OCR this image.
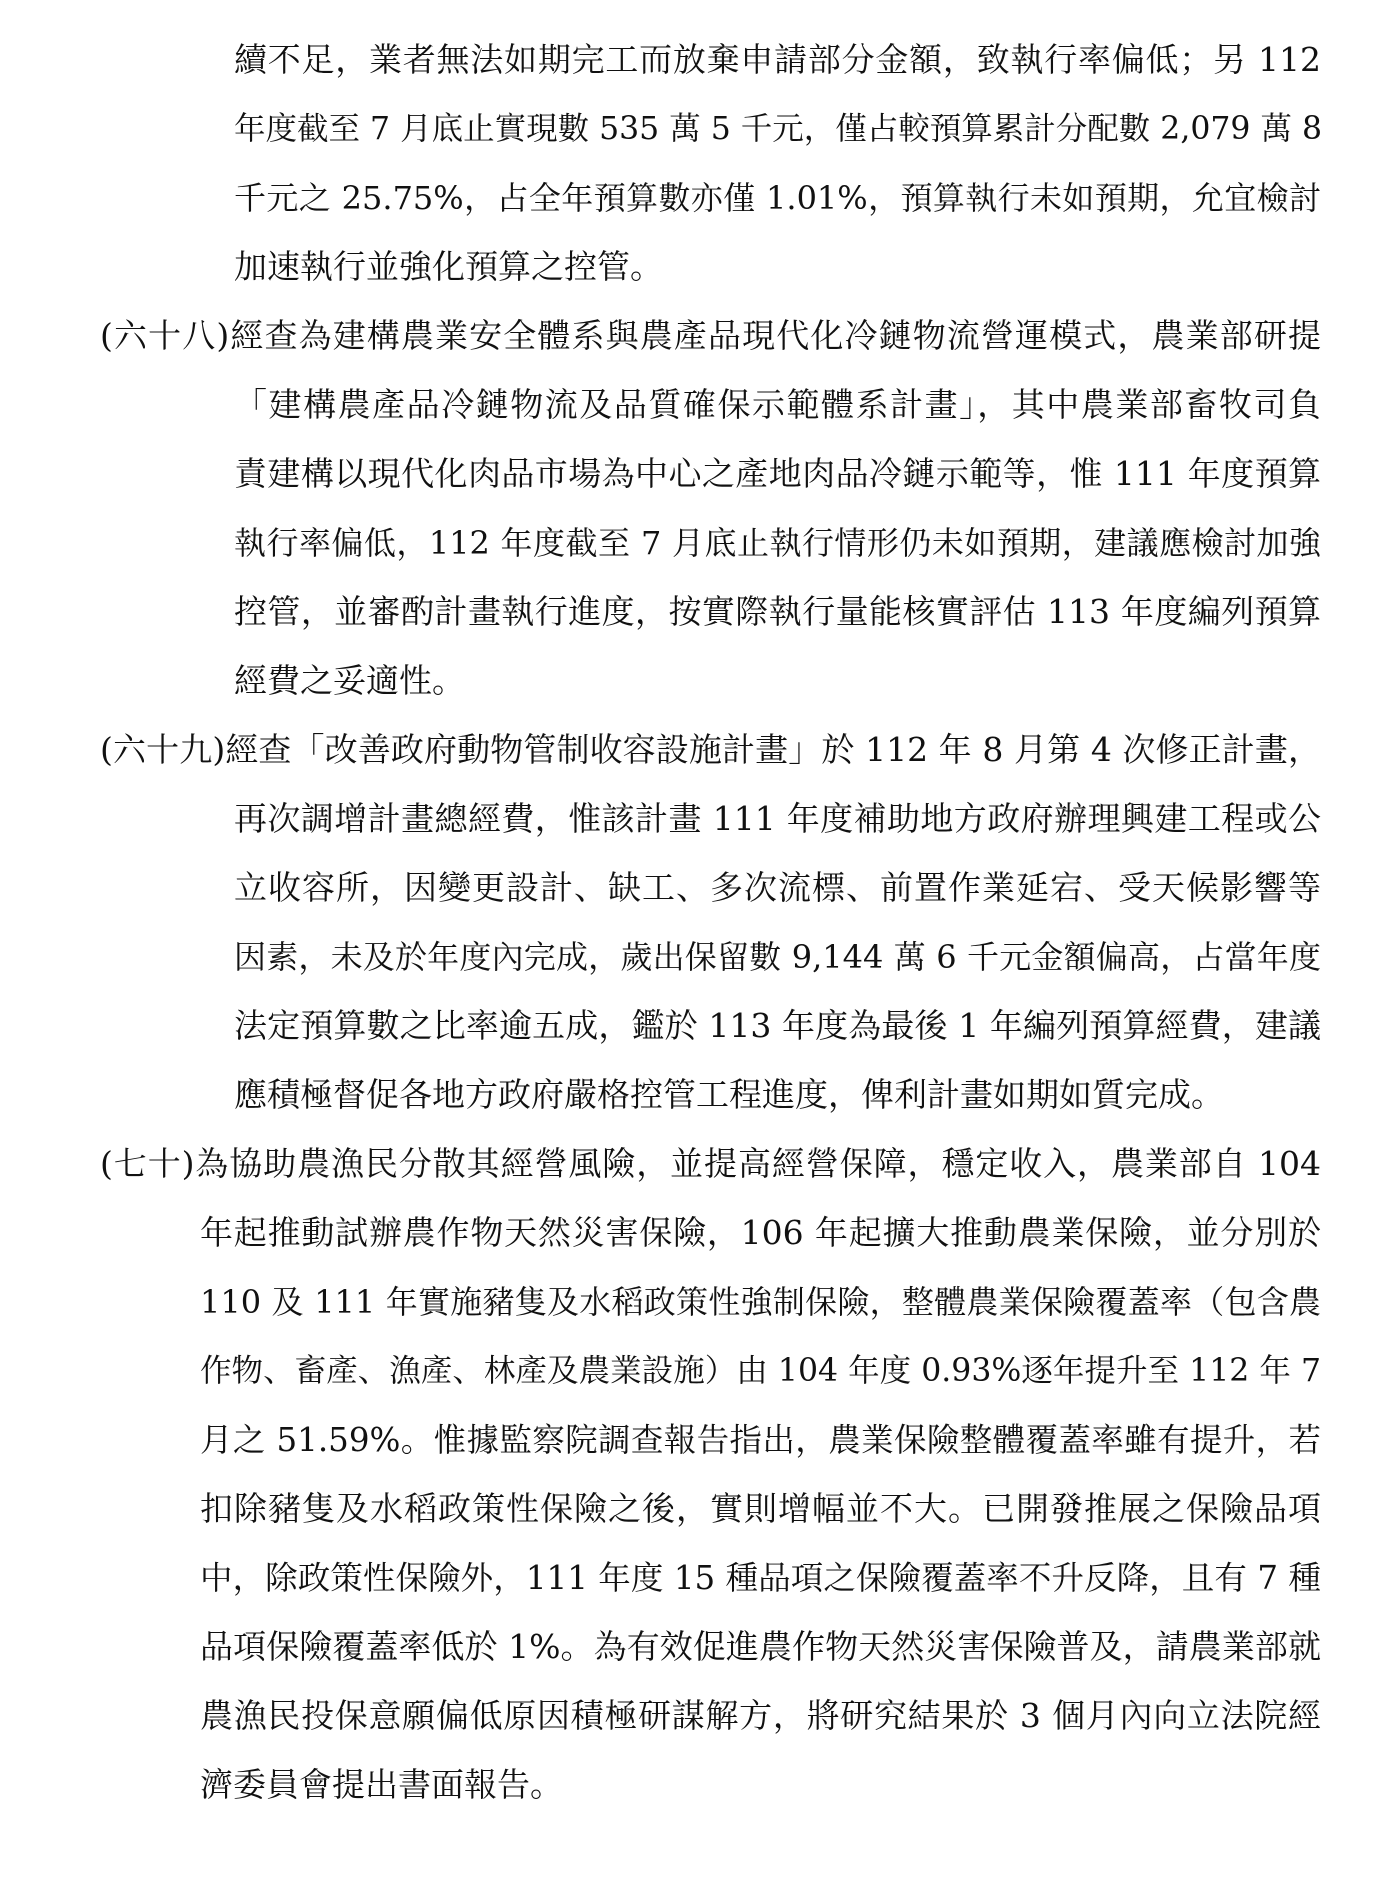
續不足，業者無法如期完工而放棄申請部分金額，致執行率偏低；另 112
年度截至 7 月底止實現數 535 萬 5 千元，僅占較預算累計分配數 2,079 萬 8
千元之 25.75%，占全年預算數亦僅 1.01%，預算執行未如預期，允宜檢討
加速執行並強化預算之控管。
(六十八)經查為建構農業安全體系與農產品現代化冷鏈物流營運模式，農業部研提
「建構農產品冷鏈物流及品質確保示範體系計畫」，其中農業部畜牧司負
責建構以現代化肉品市場為中心之產地肉品冷鏈示範等，惟 111 年度預算
執行率偏低，112 年度截至 7 月底止執行情形仍未如預期，建議應檢討加強
控管，並審酌計畫執行進度，按實際執行量能核實評估 113 年度編列預算
經費之妥適性。
(六十九)經查「改善政府動物管制收容設施計畫」於 112 年 8 月第 4 次修正計畫，
再次調增計畫總經費，惟該計畫 111 年度補助地方政府辦理興建工程或公
立收容所，因變更設計、缺工、多次流標、前置作業延宕、受天候影響等
因素，未及於年度內完成，歲出保留數 9,144 萬 6 千元金額偏高，占當年度
法定預算數之比率逾五成，鑑於 113 年度為最後 1 年編列預算經費，建議
應積極督促各地方政府嚴格控管工程進度，俾利計畫如期如質完成。
(七十)為協助農漁民分散其經營風險，並提高經營保障，穩定收入，農業部自 104
年起推動試辦農作物天然災害保險，106 年起擴大推動農業保險，並分別於
110 及 111 年實施豬隻及水稻政策性強制保險，整體農業保險覆蓋率（包含農
作物、畜產、漁產、林產及農業設施）由 104 年度 0.93%逐年提升至 112 年 7
月之 51.59%。惟據監察院調查報告指出，農業保險整體覆蓋率雖有提升，若
扣除豬隻及水稻政策性保險之後，實則增幅並不大。已開發推展之保險品項
中，除政策性保險外，111 年度 15 種品項之保險覆蓋率不升反降，且有 7 種
品項保險覆蓋率低於 1%。為有效促進農作物天然災害保險普及，請農業部就
農漁民投保意願偏低原因積極研謀解方，將研究結果於 3 個月內向立法院經
濟委員會提出書面報告。
